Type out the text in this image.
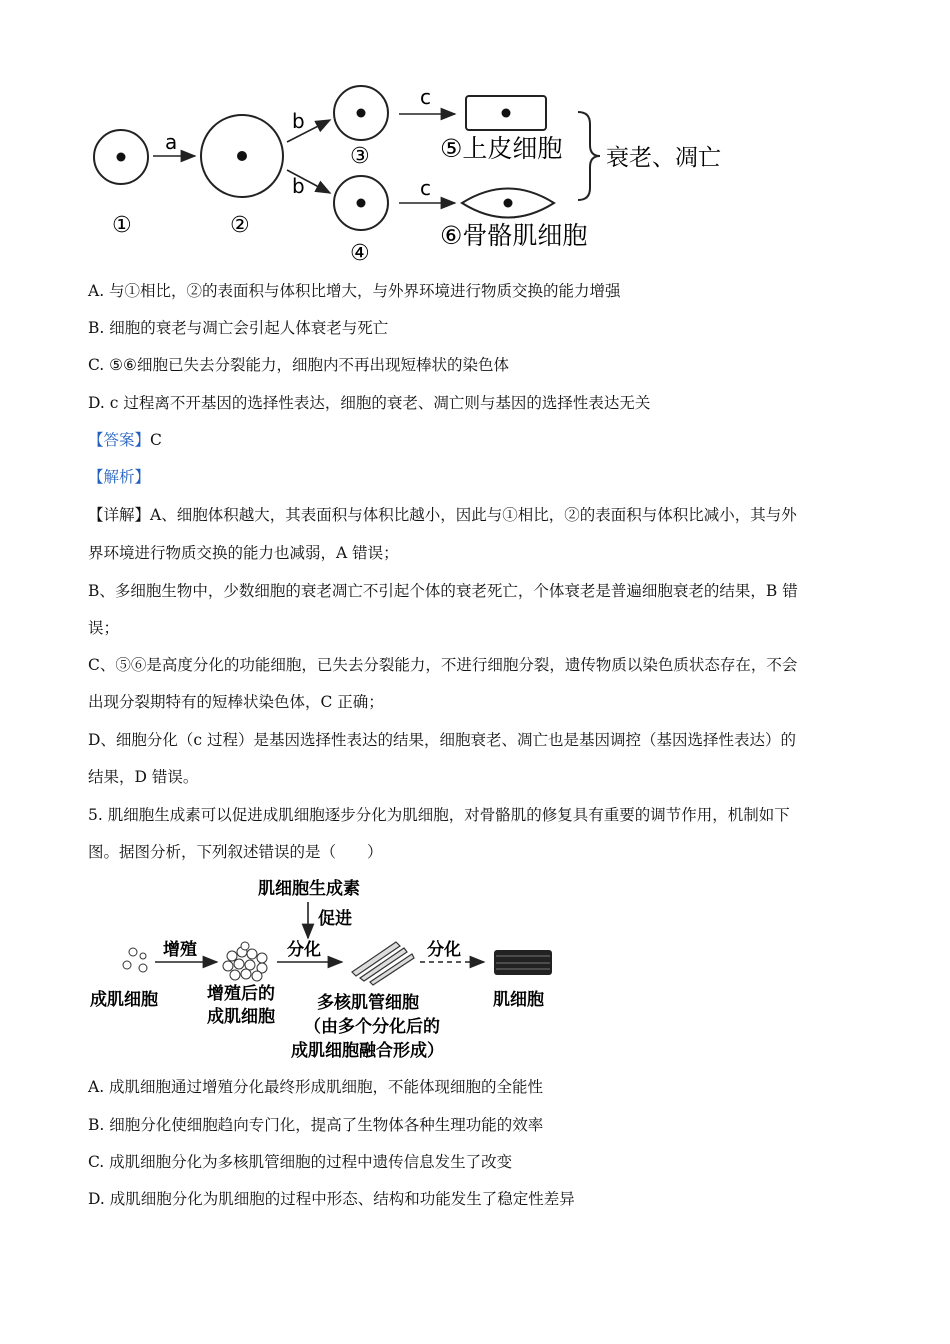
①
a
②
b
b
③
④
c
c
⑤上皮细胞
⑥骨骼肌细胞
衰老、凋亡
A. 与①相比，②的表面积与体积比增大，与外界环境进行物质交换的能力增强
B. 细胞的衰老与凋亡会引起人体衰老与死亡
C. ⑤⑥细胞已失去分裂能力，细胞内不再出现短棒状的染色体
D. c 过程离不开基因的选择性表达，细胞的衰老、凋亡则与基因的选择性表达无关
【答案】C
【解析】
【详解】A、细胞体积越大，其表面积与体积比越小，因此与①相比，②的表面积与体积比减小，其与外
界环境进行物质交换的能力也减弱，A 错误；
B、多细胞生物中，少数细胞的衰老凋亡不引起个体的衰老死亡，个体衰老是普遍细胞衰老的结果，B 错
误；
C、⑤⑥是高度分化的功能细胞，已失去分裂能力，不进行细胞分裂，遗传物质以染色质状态存在，不会
出现分裂期特有的短棒状染色体，C 正确；
D、细胞分化（c 过程）是基因选择性表达的结果，细胞衰老、凋亡也是基因调控（基因选择性表达）的
结果，D 错误。
5. 肌细胞生成素可以促进成肌细胞逐步分化为肌细胞，对骨骼肌的修复具有重要的调节作用，机制如下
图。据图分析，下列叙述错误的是（　　）
肌细胞生成素
促进
增殖	分化	分化
成肌细胞	增殖后的
成肌细胞
多核肌管细胞
（由多个分化后的
成肌细胞融合形成）
肌细胞
A. 成肌细胞通过增殖分化最终形成肌细胞，不能体现细胞的全能性
B. 细胞分化使细胞趋向专门化，提高了生物体各种生理功能的效率
C. 成肌细胞分化为多核肌管细胞的过程中遗传信息发生了改变
D. 成肌细胞分化为肌细胞的过程中形态、结构和功能发生了稳定性差异
